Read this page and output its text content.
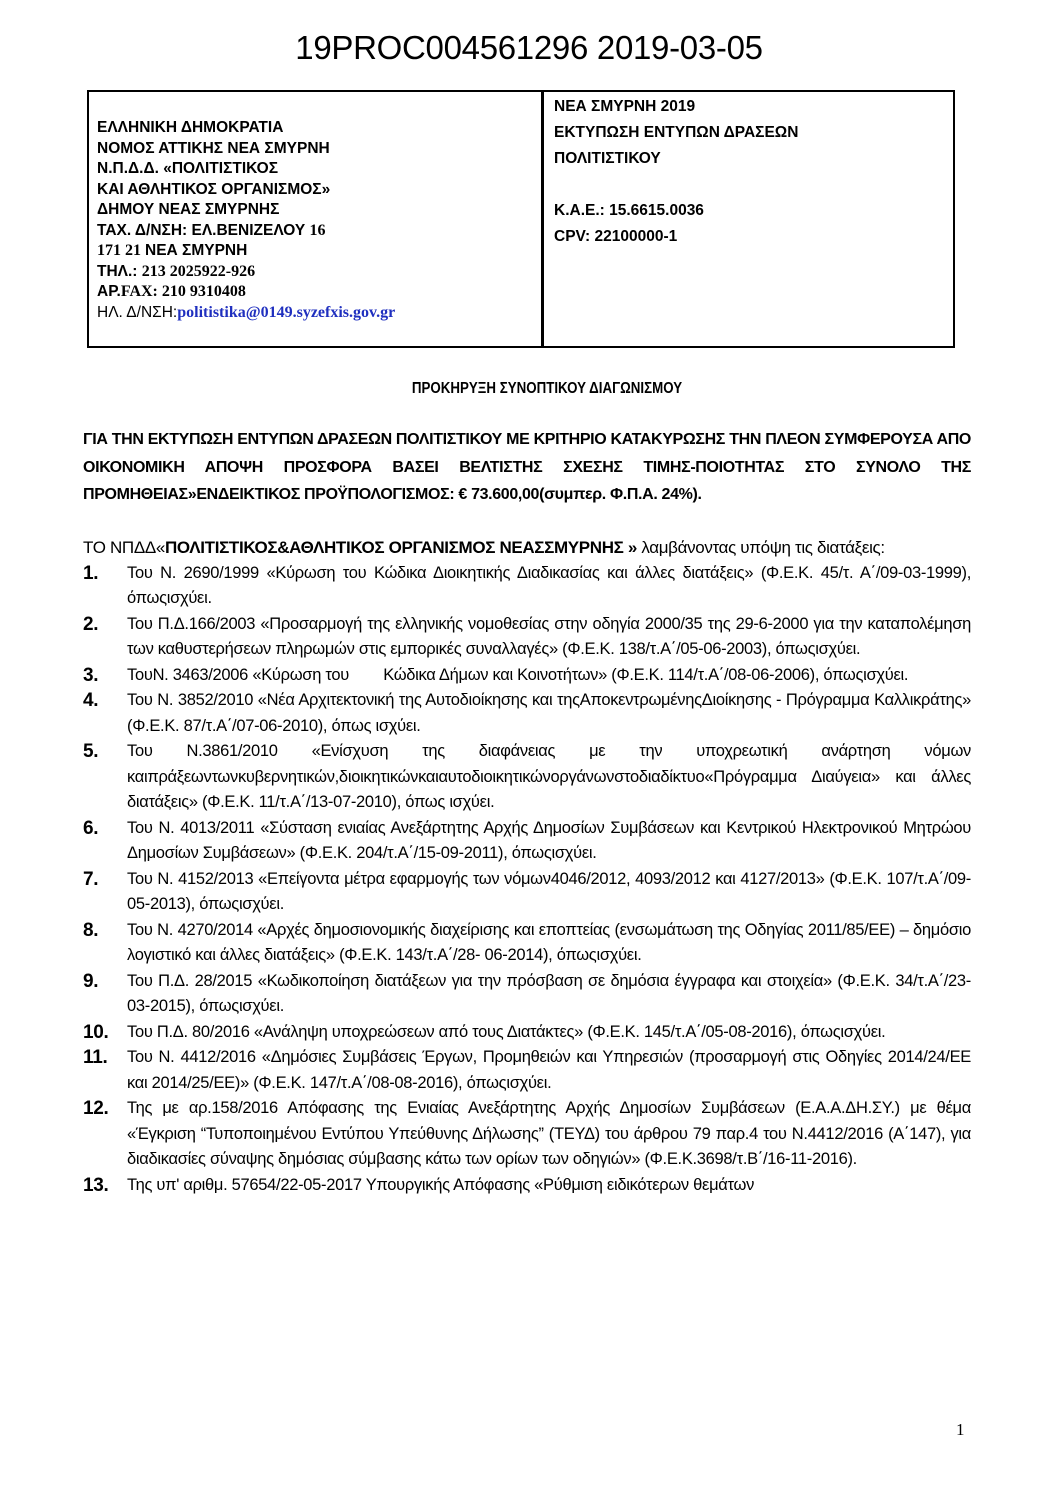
19PROC004561296 2019-03-05
ΕΛΛΗΝΙΚΗ ΔΗΜΟΚΡΑΤΙΑ
ΝΟΜΟΣ ΑΤΤΙΚΗΣ ΝΕΑ ΣΜΥΡΝΗ
Ν.Π.Δ.Δ. «ΠΟΛΙΤΙΣΤΙΚΟΣ
ΚΑΙ ΑΘΛΗΤΙΚΟΣ ΟΡΓΑΝΙΣΜΟΣ»
ΔΗΜΟΥ ΝΕΑΣ ΣΜΥΡΝΗΣ
ΤΑΧ. Δ/ΝΣΗ: ΕΛ.ΒΕΝΙΖΕΛΟΥ 16
171 21 ΝΕΑ ΣΜΥΡΝΗ
ΤΗΛ.: 213 2025922-926
ΑΡ.FAX: 210 9310408
ΗΛ. Δ/ΝΣΗ:politistika@0149.syzefxis.gov.gr
ΝΕΑ ΣΜΥΡΝΗ 2019
ΕΚΤΥΠΩΣΗ ΕΝΤΥΠΩΝ ΔΡΑΣΕΩΝ
ΠΟΛΙΤΙΣΤΙΚΟΥ
Κ.Α.Ε.: 15.6615.0036
CPV: 22100000-1
ΠΡΟΚΗΡΥΞΗ ΣΥΝΟΠΤΙΚΟΥ ΔΙΑΓΩΝΙΣΜΟΥ
ΓΙΑ ΤΗΝ ΕΚΤΥΠΩΣΗ ΕΝΤΥΠΩΝ ΔΡΑΣΕΩΝ ΠΟΛΙΤΙΣΤΙΚΟΥ ΜΕ ΚΡΙΤΗΡΙΟ ΚΑΤΑΚΥΡΩΣΗΣ ΤΗΝ ΠΛΕΟΝ ΣΥΜΦΕΡΟΥΣΑ ΑΠΟ ΟΙΚΟΝΟΜΙΚΗ ΑΠΟΨΗ ΠΡΟΣΦΟΡΑ ΒΑΣΕΙ ΒΕΛΤΙΣΤΗΣ ΣΧΕΣΗΣ ΤΙΜΗΣ-ΠΟΙΟΤΗΤΑΣ ΣΤΟ ΣΥΝΟΛΟ ΤΗΣ ΠΡΟΜΗΘΕΙΑΣ»ΕΝΔΕΙΚΤΙΚΟΣ ΠΡΟΫΠΟΛΟΓΙΣΜΟΣ: € 73.600,00(συμπερ. Φ.Π.Α. 24%).
ΤΟ ΝΠΔΔ«ΠΟΛΙΤΙΣΤΙΚΟΣ&ΑΘΛΗΤΙΚΟΣ ΟΡΓΑΝΙΣΜΟΣ ΝΕΑΣΣΜΥΡΝΗΣ » λαμβάνοντας υπόψη τις διατάξεις:
1. Του Ν. 2690/1999 «Κύρωση του Κώδικα Διοικητικής Διαδικασίας και άλλες διατάξεις» (Φ.Ε.Κ. 45/τ. Α΄/09-03-1999), όπωςισχύει.
2. Του Π.Δ.166/2003 «Προσαρμογή της ελληνικής νομοθεσίας στην οδηγία 2000/35 της 29-6-2000 για την καταπολέμηση των καθυστερήσεων πληρωμών στις εμπορικές συναλλαγές» (Φ.Ε.Κ. 138/τ.Α΄/05-06-2003), όπωςισχύει.
3. ΤουΝ. 3463/2006 «Κύρωση του        Κώδικα Δήμων και Κοινοτήτων» (Φ.Ε.Κ. 114/τ.Α΄/08-06-2006), όπωςισχύει.
4. Του Ν. 3852/2010 «Νέα Αρχιτεκτονική της Αυτοδιοίκησης και τηςΑποκεντρωμένηςΔιοίκησης - Πρόγραμμα Καλλικράτης» (Φ.Ε.Κ. 87/τ.Α΄/07-06-2010), όπως ισχύει.
5. Του Ν.3861/2010 «Ενίσχυση της διαφάνειας με την υποχρεωτική ανάρτηση νόμων καιπράξεωντωνκυβερνητικών,διοικητικώνκαιαυτοδιοικητικώνοργάνωνστοδιαδίκτυο«Πρόγραμμα Διαύγεια» και άλλες διατάξεις» (Φ.Ε.Κ. 11/τ.Α΄/13-07-2010), όπως ισχύει.
6. Του Ν. 4013/2011 «Σύσταση ενιαίας Ανεξάρτητης Αρχής Δημοσίων Συμβάσεων και Κεντρικού Ηλεκτρονικού Μητρώου Δημοσίων Συμβάσεων» (Φ.Ε.Κ. 204/τ.Α΄/15-09-2011), όπωςισχύει.
7. Του Ν. 4152/2013 «Επείγοντα μέτρα εφαρμογής των νόμων4046/2012, 4093/2012 και 4127/2013» (Φ.Ε.Κ. 107/τ.Α΄/09-05-2013), όπωςισχύει.
8. Του Ν. 4270/2014 «Αρχές δημοσιονομικής διαχείρισης και εποπτείας (ενσωμάτωση της Οδηγίας 2011/85/ΕΕ) – δημόσιο λογιστικό και άλλες διατάξεις» (Φ.Ε.Κ. 143/τ.Α΄/28- 06-2014), όπωςισχύει.
9. Του Π.Δ. 28/2015 «Κωδικοποίηση διατάξεων για την πρόσβαση σε δημόσια έγγραφα και στοιχεία» (Φ.Ε.Κ. 34/τ.Α΄/23-03-2015), όπωςισχύει.
10. Του Π.Δ. 80/2016 «Ανάληψη υποχρεώσεων από τους Διατάκτες» (Φ.Ε.Κ. 145/τ.Α΄/05-08-2016), όπωςισχύει.
11. Του Ν. 4412/2016 «Δημόσιες Συμβάσεις Έργων, Προμηθειών και Υπηρεσιών (προσαρμογή στις Οδηγίες 2014/24/ΕΕ και 2014/25/ΕΕ)» (Φ.Ε.Κ. 147/τ.Α΄/08-08-2016), όπωςισχύει.
12. Της με αρ.158/2016 Απόφασης της Ενιαίας Ανεξάρτητης Αρχής Δημοσίων Συμβάσεων (Ε.Α.Α.ΔΗ.ΣΥ.) με θέμα «Έγκριση “Τυποποιημένου Εντύπου Υπεύθυνης Δήλωσης” (ΤΕΥΔ) του άρθρου 79 παρ.4 του Ν.4412/2016 (Α΄147), για διαδικασίες σύναψης δημόσιας σύμβασης κάτω των ορίων των οδηγιών» (Φ.Ε.Κ.3698/τ.Β΄/16-11-2016).
13. Της υπ' αριθμ. 57654/22-05-2017 Υπουργικής Απόφασης «Ρύθμιση ειδικότερων θεμάτων
1
